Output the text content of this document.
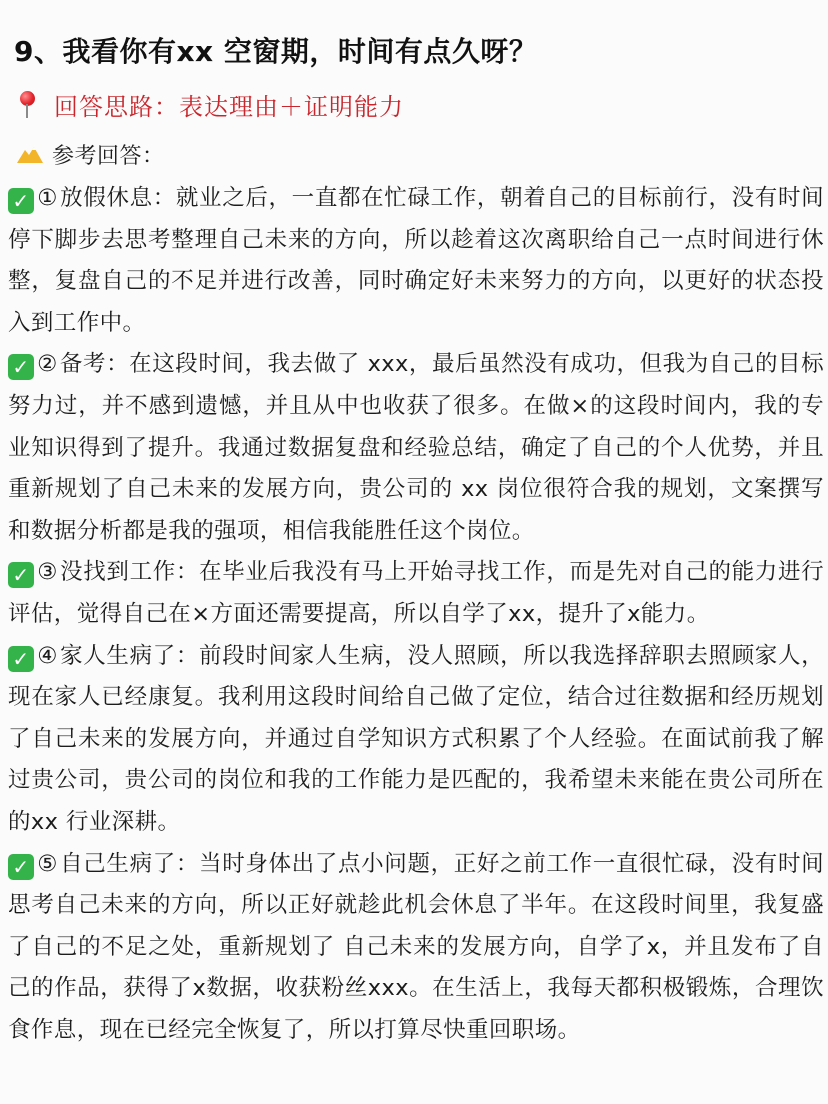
9、我看你有xx 空窗期，时间有点久呀？
回答思路：表达理由＋证明能力
参考回答：

✓ ①放假休息：就业之后，一直都在忙碌工作，朝着自己的目标前行，没有时间停下脚步去思考整理自己未来的方向，所以趁着这次离职给自己一点时间进行休整，复盘自己的不足并进行改善，同时确定好未来努力的方向，以更好的状态投入到工作中。

✓ ②备考：在这段时间，我去做了 xxx，最后虽然没有成功，但我为自己的目标努力过，并不感到遗憾，并且从中也收获了很多。在做×的这段时间内，我的专业知识得到了提升。我通过数据复盘和经验总结，确定了自己的个人优势，并且重新规划了自己未来的发展方向，贵公司的 xx 岗位很符合我的规划，文案撰写和数据分析都是我的强项，相信我能胜任这个岗位。

✓ ③没找到工作：在毕业后我没有马上开始寻找工作，而是先对自己的能力进行评估，觉得自己在×方面还需要提高，所以自学了xx，提升了x能力。

✓ ④家人生病了：前段时间家人生病，没人照顾，所以我选择辞职去照顾家人，现在家人已经康复。我利用这段时间给自己做了定位，结合过往数据和经历规划了自己未来的发展方向，并通过自学知识方式积累了个人经验。在面试前我了解过贵公司，贵公司的岗位和我的工作能力是匹配的，我希望未来能在贵公司所在的xx 行业深耕。

✓ ⑤自己生病了：当时身体出了点小问题，正好之前工作一直很忙碌，没有时间思考自己未来的方向，所以正好就趁此机会休息了半年。在这段时间里，我复盛了自己的不足之处，重新规划了 自己未来的发展方向，自学了x，并且发布了自己的作品，获得了x数据，收获粉丝xxx。在生活上，我每天都积极锻炼，合理饮食作息，现在已经完全恢复了，所以打算尽快重回职场。
